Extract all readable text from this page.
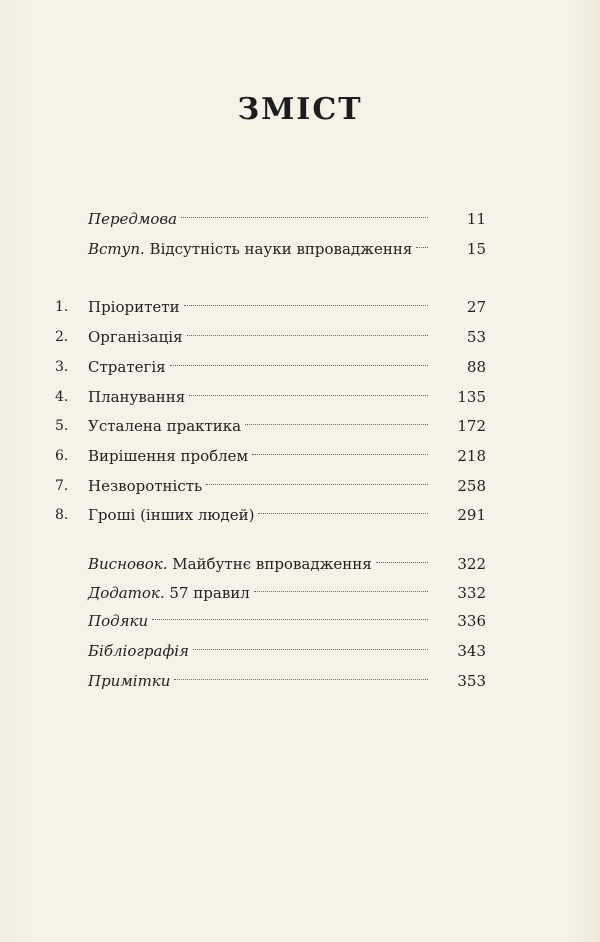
ЗМІСТ
Передмова	11
Вступ. Відсутність науки впровадження	15
1.	Пріоритети	27
2.	Організація	53
3.	Стратегія	88
4.	Планування	135
5.	Усталена практика	172
6.	Вирішення проблем	218
7.	Незворотність	258
8.	Гроші (інших людей)	291
Висновок. Майбутнє впровадження	322
Додаток. 57 правил	332
Подяки	336
Бібліографія	343
Примітки	353
